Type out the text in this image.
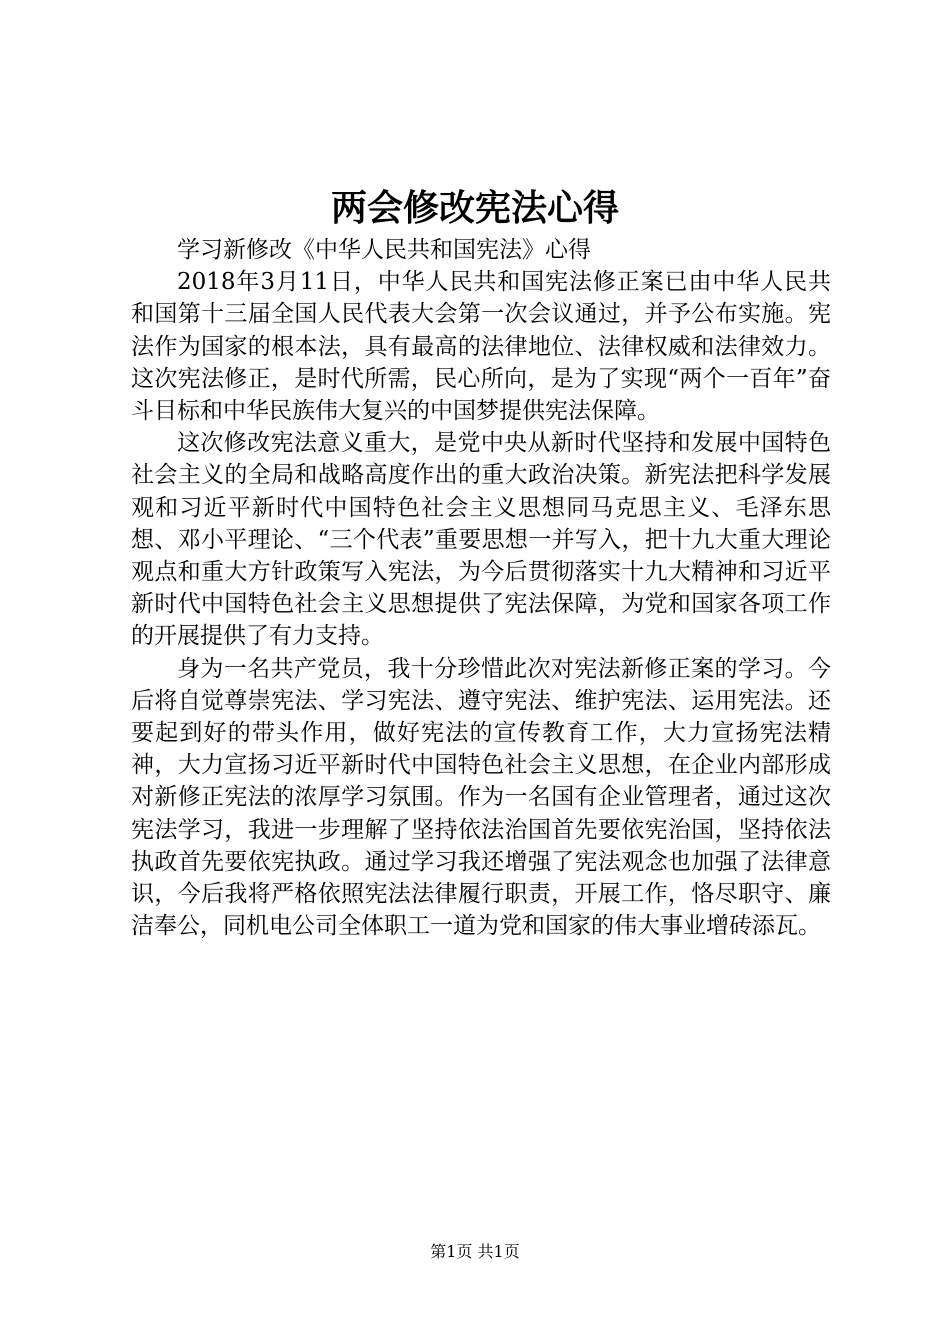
两会修改宪法心得

学习新修改《中华人民共和国宪法》心得

2018年3月11日，中华人民共和国宪法修正案已由中华人民共和国第十三届全国人民代表大会第一次会议通过，并予公布实施。宪法作为国家的根本法，具有最高的法律地位、法律权威和法律效力。这次宪法修正，是时代所需，民心所向，是为了实现“两个一百年”奋斗目标和中华民族伟大复兴的中国梦提供宪法保障。

这次修改宪法意义重大，是党中央从新时代坚持和发展中国特色社会主义的全局和战略高度作出的重大政治决策。新宪法把科学发展观和习近平新时代中国特色社会主义思想同马克思主义、毛泽东思想、邓小平理论、“三个代表”重要思想一并写入，把十九大重大理论观点和重大方针政策写入宪法，为今后贯彻落实十九大精神和习近平新时代中国特色社会主义思想提供了宪法保障，为党和国家各项工作的开展提供了有力支持。

身为一名共产党员，我十分珍惜此次对宪法新修正案的学习。今后将自觉尊崇宪法、学习宪法、遵守宪法、维护宪法、运用宪法。还要起到好的带头作用，做好宪法的宣传教育工作，大力宣扬宪法精神，大力宣扬习近平新时代中国特色社会主义思想，在企业内部形成对新修正宪法的浓厚学习氛围。作为一名国有企业管理者，通过这次宪法学习，我进一步理解了坚持依法治国首先要依宪治国，坚持依法执政首先要依宪执政。通过学习我还增强了宪法观念也加强了法律意识，今后我将严格依照宪法法律履行职责，开展工作，恪尽职守、廉洁奉公，同机电公司全体职工一道为党和国家的伟大事业增砖添瓦。

第1页 共1页
